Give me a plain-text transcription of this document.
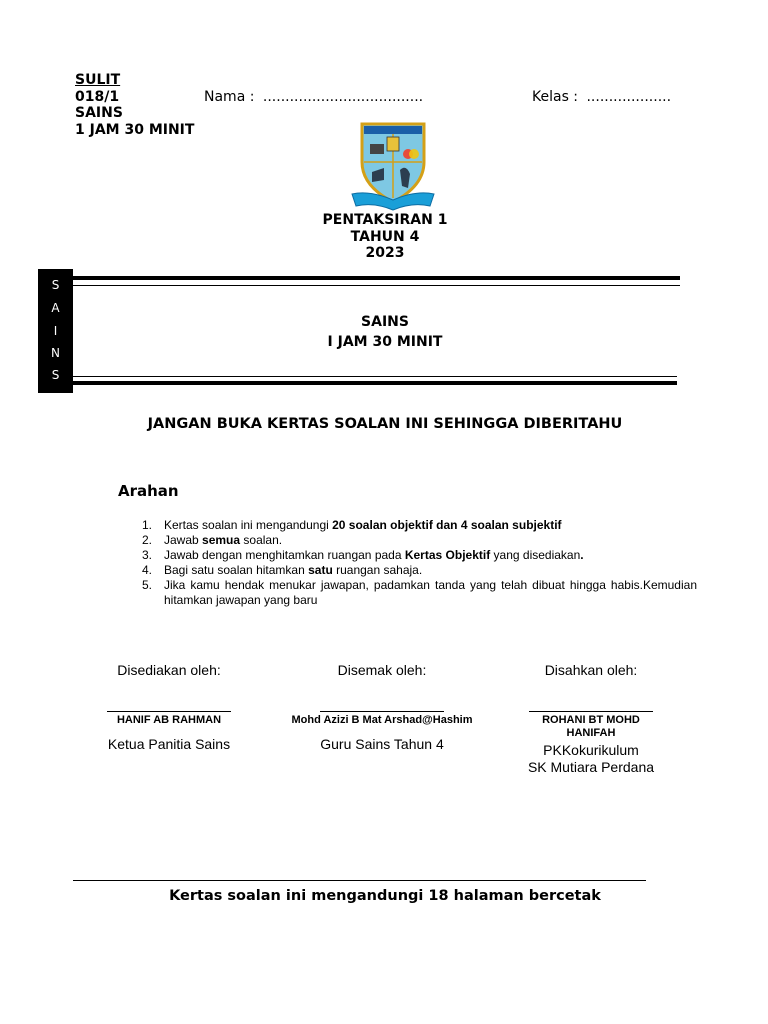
SULIT
018/1
SAINS
1 JAM 30 MINIT
Nama : ....................................	Kelas : ...................
PENTAKSIRAN 1
TAHUN 4
2023
S
A
I
N
S
SAINS
I JAM 30 MINIT
JANGAN BUKA KERTAS SOALAN INI SEHINGGA DIBERITAHU
Arahan
1. Kertas soalan ini mengandungi 20 soalan objektif dan 4 soalan subjektif
2. Jawab semua soalan.
3. Jawab dengan menghitamkan ruangan pada Kertas Objektif yang disediakan.
4. Bagi satu soalan hitamkan satu ruangan sahaja.
5. Jika kamu hendak menukar jawapan, padamkan tanda yang telah dibuat hingga habis.Kemudian hitamkan jawapan yang baru
Disediakan oleh:
HANIF AB RAHMAN
Ketua Panitia Sains
Disemak oleh:
Mohd Azizi B Mat Arshad@Hashim
Guru Sains Tahun 4
Disahkan oleh:
ROHANI BT MOHD HANIFAH
PKKokurikulum
SK Mutiara Perdana
Kertas soalan ini mengandungi 18 halaman bercetak
